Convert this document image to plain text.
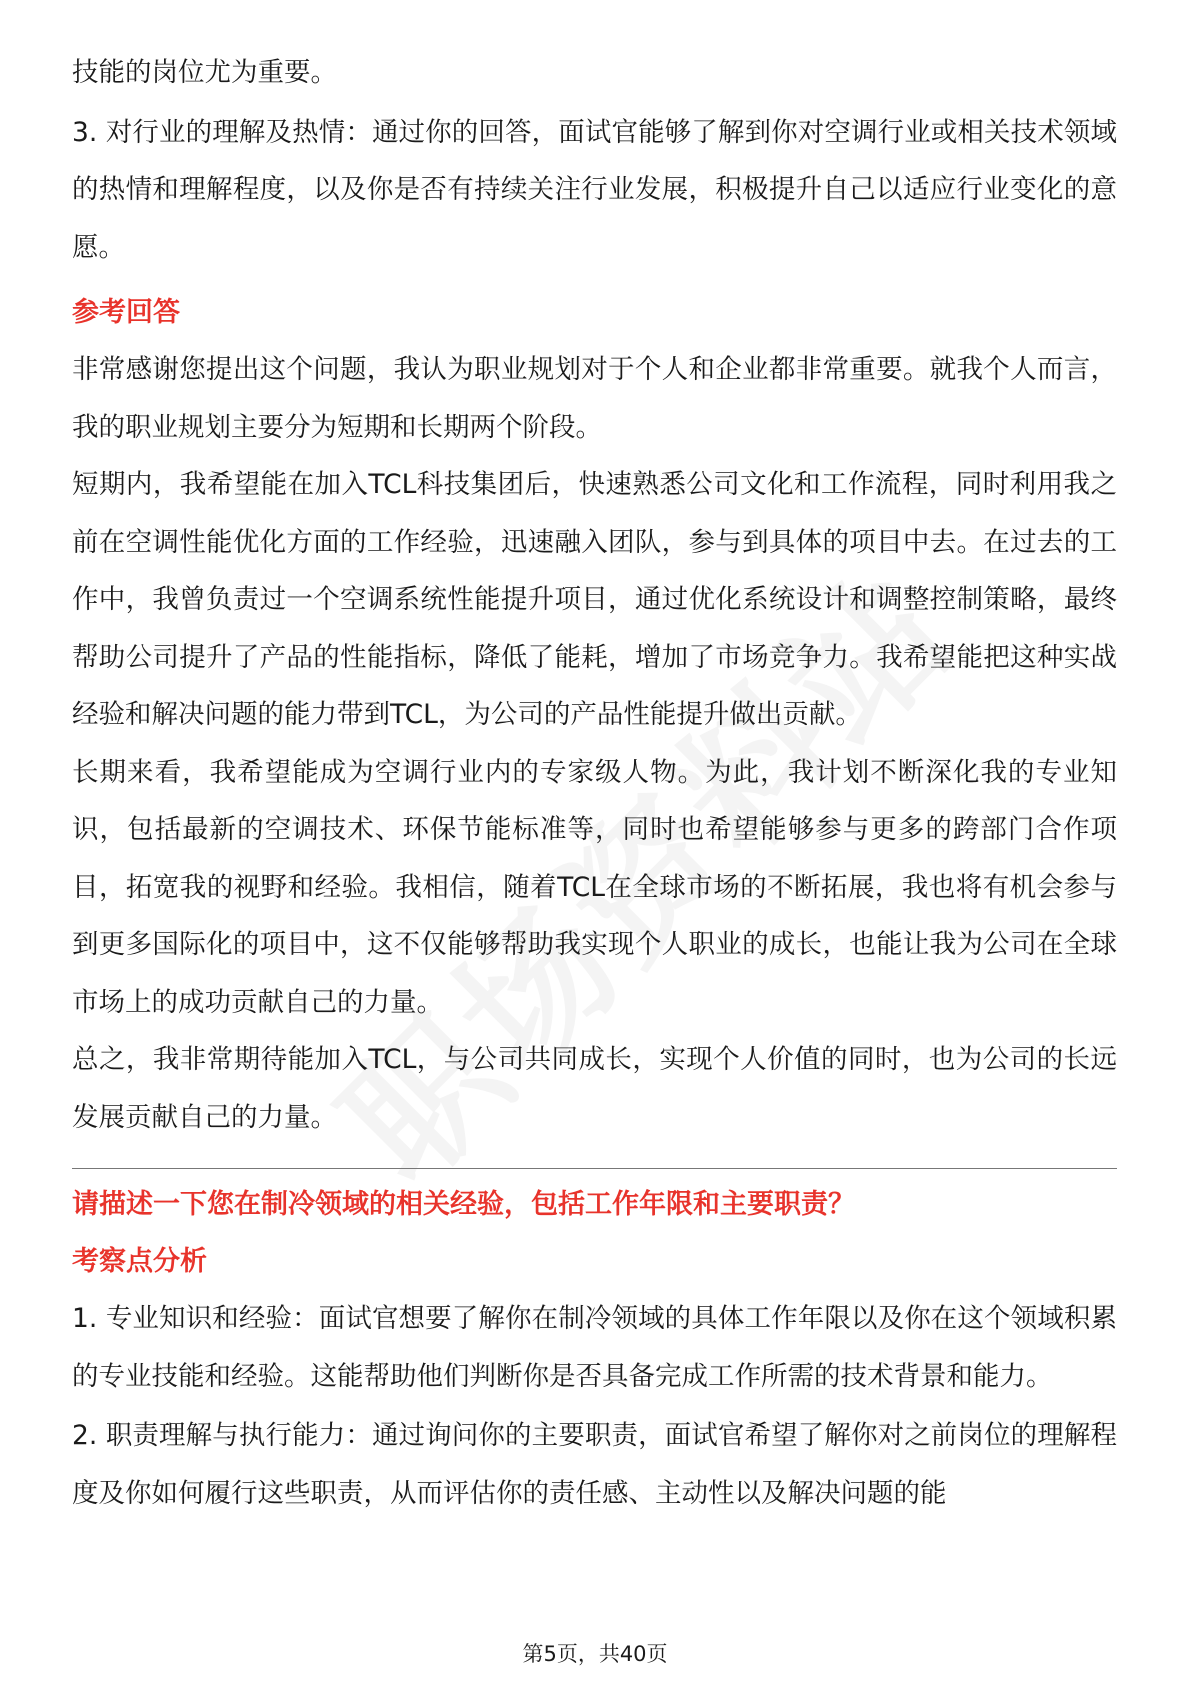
技能的岗位尤为重要。

3. 对行业的理解及热情：通过你的回答，面试官能够了解到你对空调行业或相关技术领域的热情和理解程度，以及你是否有持续关注行业发展，积极提升自己以适应行业变化的意愿。

参考回答

非常感谢您提出这个问题，我认为职业规划对于个人和企业都非常重要。就我个人而言，我的职业规划主要分为短期和长期两个阶段。

短期内，我希望能在加入TCL科技集团后，快速熟悉公司文化和工作流程，同时利用我之前在空调性能优化方面的工作经验，迅速融入团队，参与到具体的项目中去。在过去的工作中，我曾负责过一个空调系统性能提升项目，通过优化系统设计和调整控制策略，最终帮助公司提升了产品的性能指标，降低了能耗，增加了市场竞争力。我希望能把这种实战经验和解决问题的能力带到TCL，为公司的产品性能提升做出贡献。

长期来看，我希望能成为空调行业内的专家级人物。为此，我计划不断深化我的专业知识，包括最新的空调技术、环保节能标准等，同时也希望能够参与更多的跨部门合作项目，拓宽我的视野和经验。我相信，随着TCL在全球市场的不断拓展，我也将有机会参与到更多国际化的项目中，这不仅能够帮助我实现个人职业的成长，也能让我为公司在全球市场上的成功贡献自己的力量。

总之，我非常期待能加入TCL，与公司共同成长，实现个人价值的同时，也为公司的长远发展贡献自己的力量。

请描述一下您在制冷领域的相关经验，包括工作年限和主要职责？
考察点分析

1. 专业知识和经验：面试官想要了解你在制冷领域的具体工作年限以及你在这个领域积累的专业技能和经验。这能帮助他们判断你是否具备完成工作所需的技术背景和能力。

2. 职责理解与执行能力：通过询问你的主要职责，面试官希望了解你对之前岗位的理解程度及你如何履行这些职责，从而评估你的责任感、主动性以及解决问题的能

第5页，共40页
